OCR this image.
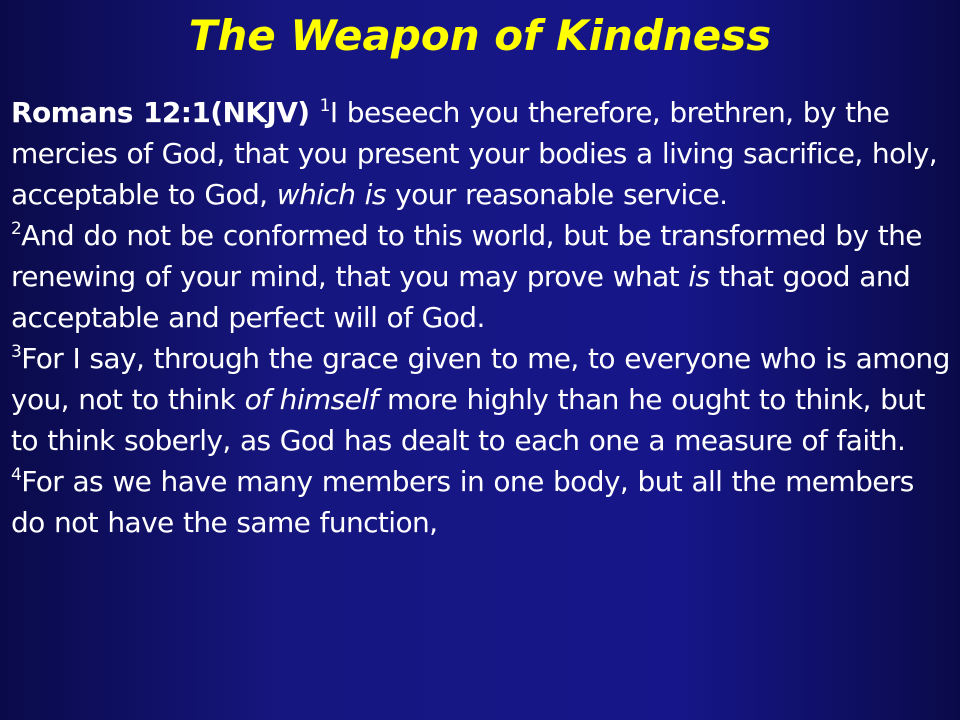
The Weapon of Kindness

Romans 12:1(NKJV) $^1$I beseech you therefore, brethren, by the mercies of God, that you present your bodies a living sacrifice, holy, acceptable to God, which is your reasonable service.

$^2$And do not be conformed to this world, but be transformed by the renewing of your mind, that you may prove what is that good and acceptable and perfect will of God.

$^3$For I say, through the grace given to me, to everyone who is among you, not to think of himself more highly than he ought to think, but to think soberly, as God has dealt to each one a measure of faith.

$^4$For as we have many members in one body, but all the members do not have the same function,
